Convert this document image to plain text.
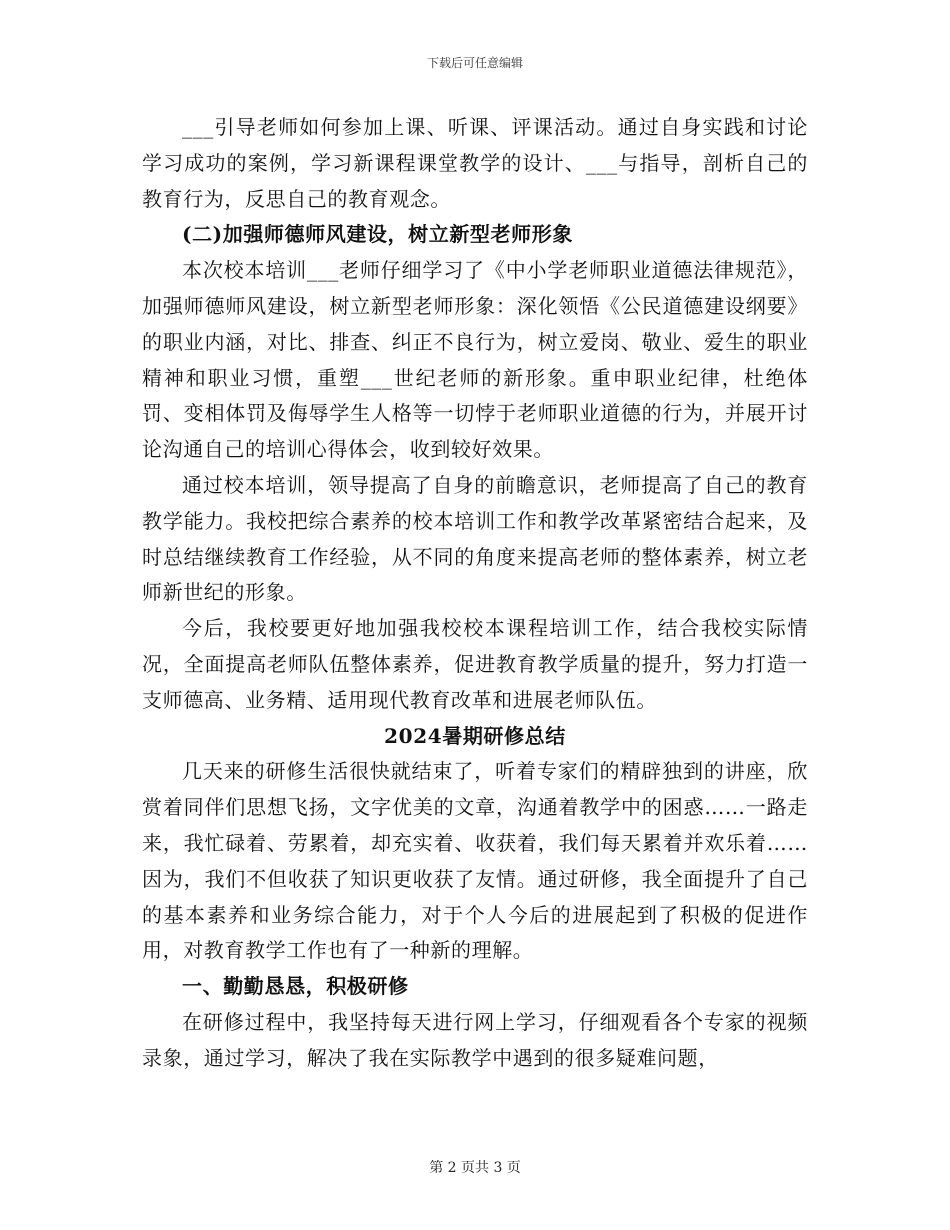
下载后可任意编辑

___引导老师如何参加上课、听课、评课活动。通过自身实践和讨论学习成功的案例，学习新课程课堂教学的设计、___与指导，剖析自己的教育行为，反思自己的教育观念。

(二)加强师德师风建设，树立新型老师形象

本次校本培训___老师仔细学习了《中小学老师职业道德法律规范》，加强师德师风建设，树立新型老师形象：深化领悟《公民道德建设纲要》的职业内涵，对比、排查、纠正不良行为，树立爱岗、敬业、爱生的职业精神和职业习惯，重塑___世纪老师的新形象。重申职业纪律，杜绝体罚、变相体罚及侮辱学生人格等一切悖于老师职业道德的行为，并展开讨论沟通自己的培训心得体会，收到较好效果。

通过校本培训，领导提高了自身的前瞻意识，老师提高了自己的教育教学能力。我校把综合素养的校本培训工作和教学改革紧密结合起来，及时总结继续教育工作经验，从不同的角度来提高老师的整体素养，树立老师新世纪的形象。

今后，我校要更好地加强我校校本课程培训工作，结合我校实际情况，全面提高老师队伍整体素养，促进教育教学质量的提升，努力打造一支师德高、业务精、适用现代教育改革和进展老师队伍。

2024暑期研修总结

几天来的研修生活很快就结束了，听着专家们的精辟独到的讲座，欣赏着同伴们思想飞扬，文字优美的文章，沟通着教学中的困惑……一路走来，我忙碌着、劳累着，却充实着、收获着，我们每天累着并欢乐着……因为，我们不但收获了知识更收获了友情。通过研修，我全面提升了自己的基本素养和业务综合能力，对于个人今后的进展起到了积极的促进作用，对教育教学工作也有了一种新的理解。

一、勤勤恳恳，积极研修

在研修过程中，我坚持每天进行网上学习，仔细观看各个专家的视频录象，通过学习，解决了我在实际教学中遇到的很多疑难问题，

第 2 页共 3 页
